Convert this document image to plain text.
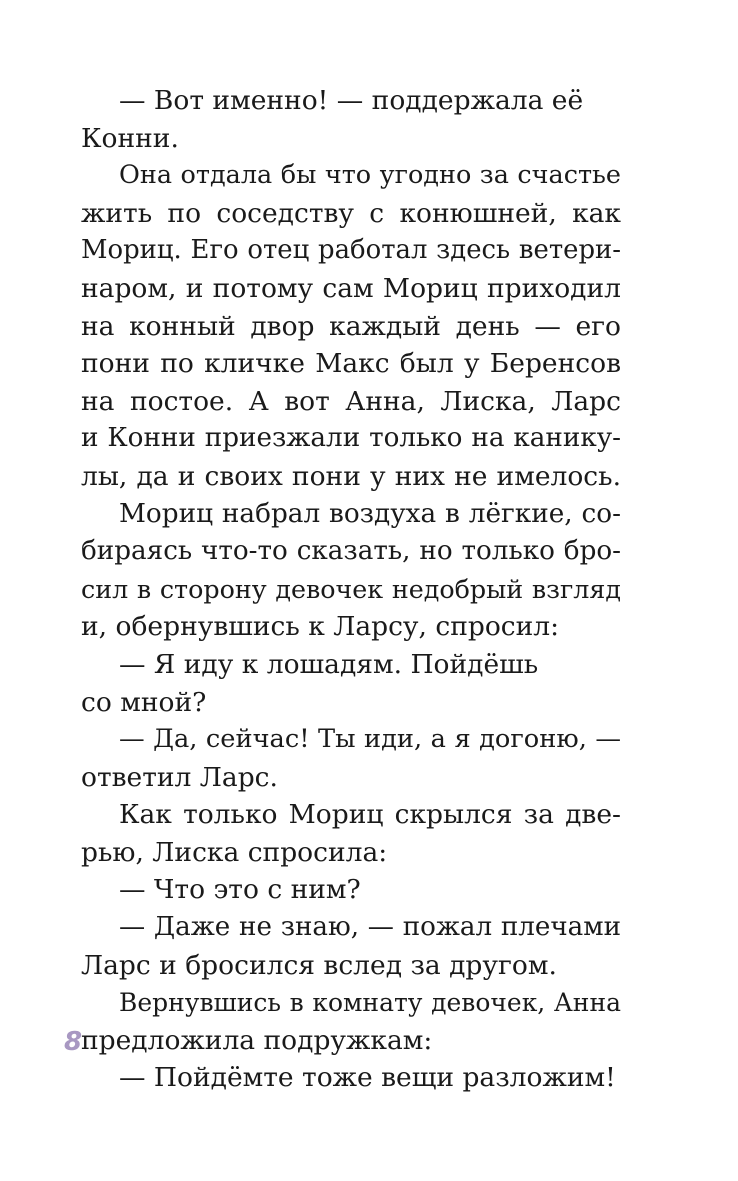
— Вот именно! — поддержала её
Конни.
Она отдала бы что угодно за счастье
жить по соседству с конюшней, как
Мориц. Его отец работал здесь ветери-
наром, и потому сам Мориц приходил
на конный двор каждый день — его
пони по кличке Макс был у Беренсов
на постое. А вот Анна, Лиска, Ларс
и Конни приезжали только на канику-
лы, да и своих пони у них не имелось.
Мориц набрал воздуха в лёгкие, со-
бираясь что-то сказать, но только бро-
сил в сторону девочек недобрый взгляд
и, обернувшись к Ларсу, спросил:
— Я иду к лошадям. Пойдёшь
со мной?
— Да, сейчас! Ты иди, а я догоню, —
ответил Ларс.
Как только Мориц скрылся за две-
рью, Лиска спросила:
— Что это с ним?
— Даже не знаю, — пожал плечами
Ларс и бросился вслед за другом.
Вернувшись в комнату девочек, Анна
предложила подружкам:
— Пойдёмте тоже вещи разложим!
8
